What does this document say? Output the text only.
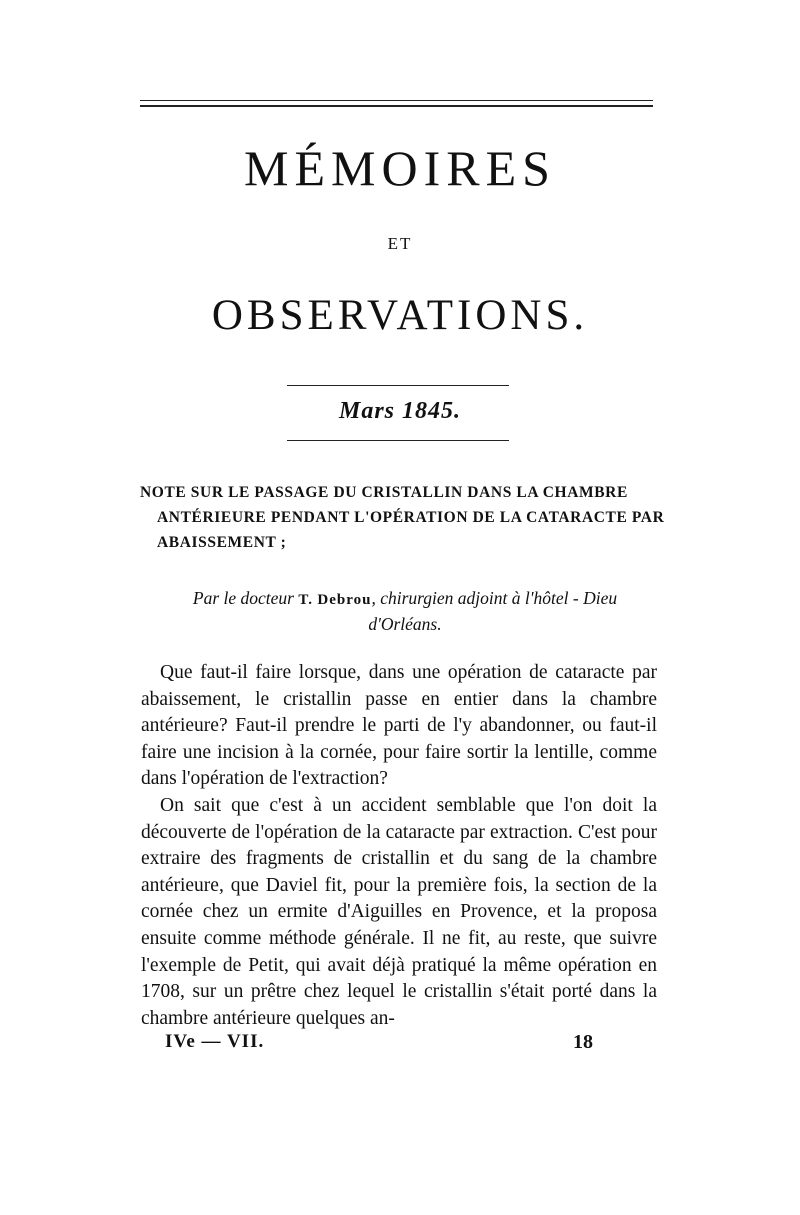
MÉMOIRES
ET
OBSERVATIONS.
Mars 1845.
NOTE SUR LE PASSAGE DU CRISTALLIN DANS LA CHAMBRE
ANTÉRIEURE PENDANT L'OPÉRATION DE LA CATARACTE PAR
ABAISSEMENT ;
Par le docteur T. Debrou, chirurgien adjoint à l'hôtel - Dieu
d'Orléans.

Que faut-il faire lorsque, dans une opération de cataracte par abaissement, le cristallin passe en entier dans la chambre antérieure? Faut-il prendre le parti de l'y abandonner, ou faut-il faire une incision à la cornée, pour faire sortir la lentille, comme dans l'opération de l'extraction?

On sait que c'est à un accident semblable que l'on doit la découverte de l'opération de la cataracte par extraction. C'est pour extraire des fragments de cristallin et du sang de la chambre antérieure, que Daviel fit, pour la première fois, la section de la cornée chez un ermite d'Aiguilles en Provence, et la proposa ensuite comme méthode générale. Il ne fit, au reste, que suivre l'exemple de Petit, qui avait déjà pratiqué la même opération en 1708, sur un prêtre chez lequel le cristallin s'était porté dans la chambre antérieure quelques an-

IVe — VII.	18
